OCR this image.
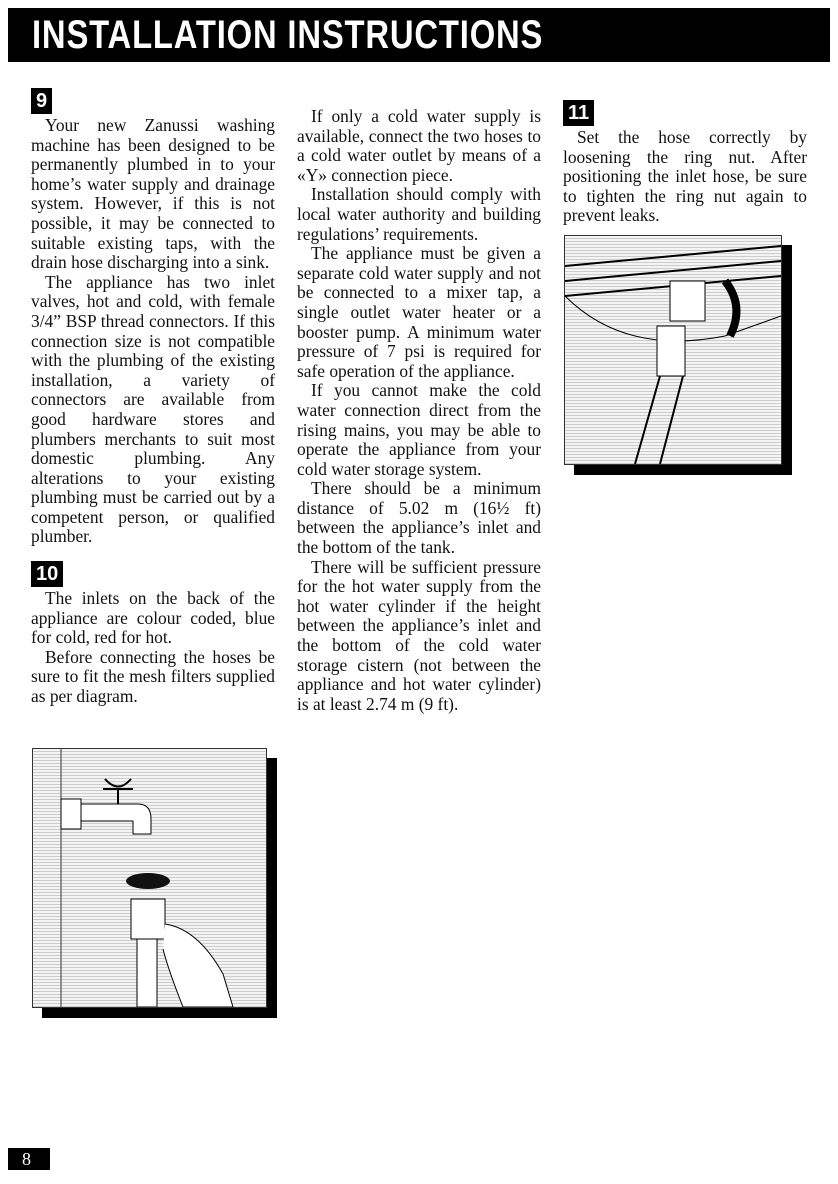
INSTALLATION INSTRUCTIONS
9

Your new Zanussi washing machine has been designed to be permanently plumbed in to your home’s water supply and drainage system. However, if this is not possible, it may be connected to suitable existing taps, with the drain hose discharging into a sink.

The appliance has two inlet valves, hot and cold, with female 3/4” BSP thread connectors. If this connection size is not compatible with the plumbing of the existing installation, a variety of connectors are available from good hardware stores and plumbers merchants to suit most domestic plumbing. Any alterations to your existing plumbing must be carried out by a competent person, or qualified plumber.

10

The inlets on the back of the appliance are colour coded, blue for cold, red for hot.

Before connecting the hoses be sure to fit the mesh filters supplied as per diagram.

If only a cold water supply is available, connect the two hoses to a cold water outlet by means of a «Y» connection piece.

Installation should comply with local water authority and building regulations’ requirements.

The appliance must be given a separate cold water supply and not be connected to a mixer tap, a single outlet water heater or a booster pump. A minimum water pressure of 7 psi is required for safe operation of the appliance.

If you cannot make the cold water connection direct from the rising mains, you may be able to operate the appliance from your cold water storage system.

There should be a minimum distance of 5.02 m (16½ ft) between the appliance’s inlet and the bottom of the tank.

There will be sufficient pressure for the hot water supply from the hot water cylinder if the height between the appliance’s inlet and the bottom of the cold water storage cistern (not between the appliance and hot water cylinder) is at least 2.74 m (9 ft).

11

Set the hose correctly by loosening the ring nut. After positioning the inlet hose, be sure to tighten the ring nut again to prevent leaks.

8
